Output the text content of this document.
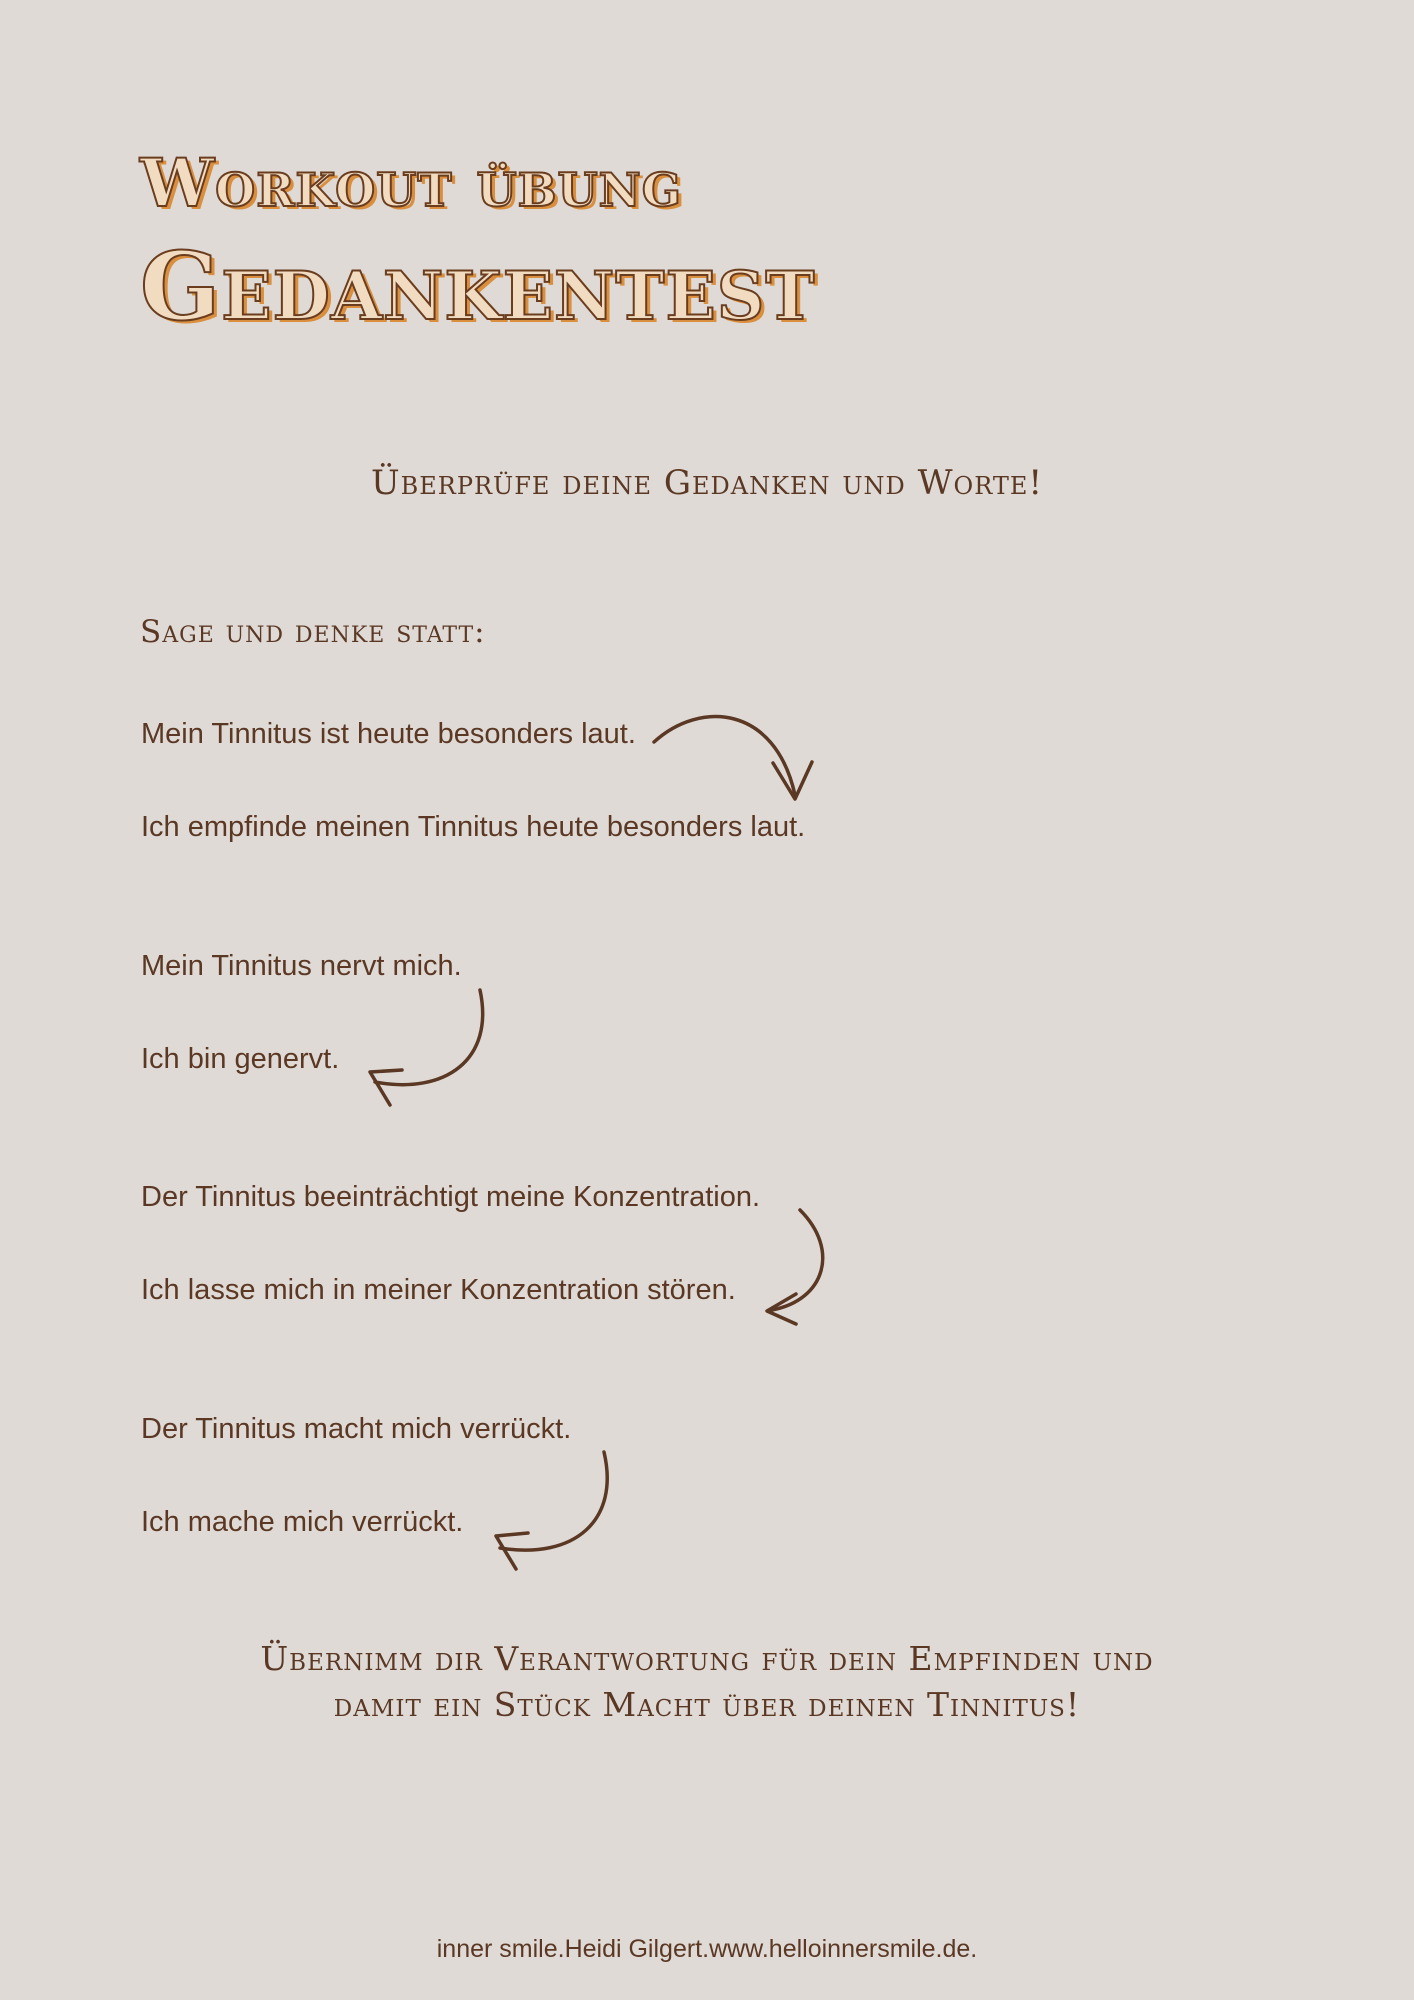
Workout übung
Gedankentest

Überprüfe deine Gedanken und Worte!

Sage und denke statt:

Mein Tinnitus ist heute besonders laut.

Ich empfinde meinen Tinnitus heute besonders laut.

Mein Tinnitus nervt mich.

Ich bin genervt.

Der Tinnitus beeinträchtigt meine Konzentration.

Ich lasse mich in meiner Konzentration stören.

Der Tinnitus macht mich verrückt.

Ich mache mich verrückt.

Übernimm dir Verantwortung für dein Empfinden und
damit ein Stück Macht über deinen Tinnitus!

inner smile.Heidi Gilgert.www.helloinnersmile.de.
